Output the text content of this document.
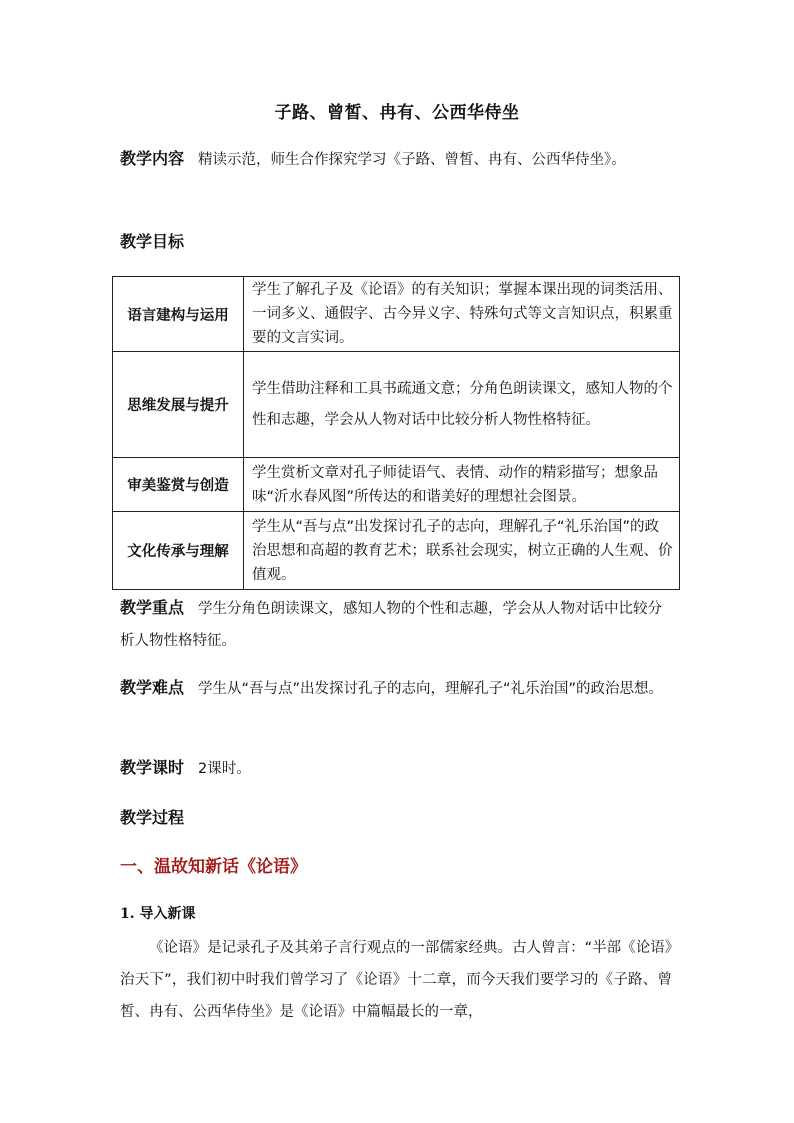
子路、曾皙、冉有、公西华侍坐
教学内容 精读示范，师生合作探究学习《子路、曾皙、冉有、公西华侍坐》。
教学目标
语言建构与运用	学生了解孔子及《论语》的有关知识；掌握本课出现的词类活用、一词多义、通假字、古今异义字、特殊句式等文言知识点，积累重要的文言实词。
思维发展与提升	学生借助注释和工具书疏通文意；分角色朗读课文，感知人物的个性和志趣，学会从人物对话中比较分析人物性格特征。
审美鉴赏与创造	学生赏析文章对孔子师徒语气、表情、动作的精彩描写；想象品味“沂水春风图”所传达的和谐美好的理想社会图景。
文化传承与理解	学生从“吾与点”出发探讨孔子的志向，理解孔子“礼乐治国”的政治思想和高超的教育艺术；联系社会现实，树立正确的人生观、价值观。
教学重点 学生分角色朗读课文，感知人物的个性和志趣，学会从人物对话中比较分析人物性格特征。
教学难点 学生从“吾与点”出发探讨孔子的志向，理解孔子“礼乐治国”的政治思想。
教学课时 2课时。
教学过程
一、温故知新话《论语》
1. 导入新课
《论语》是记录孔子及其弟子言行观点的一部儒家经典。古人曾言：“半部《论语》治天下”，我们初中时我们曾学习了《论语》十二章，而今天我们要学习的《子路、曾皙、冉有、公西华侍坐》是《论语》中篇幅最长的一章，
